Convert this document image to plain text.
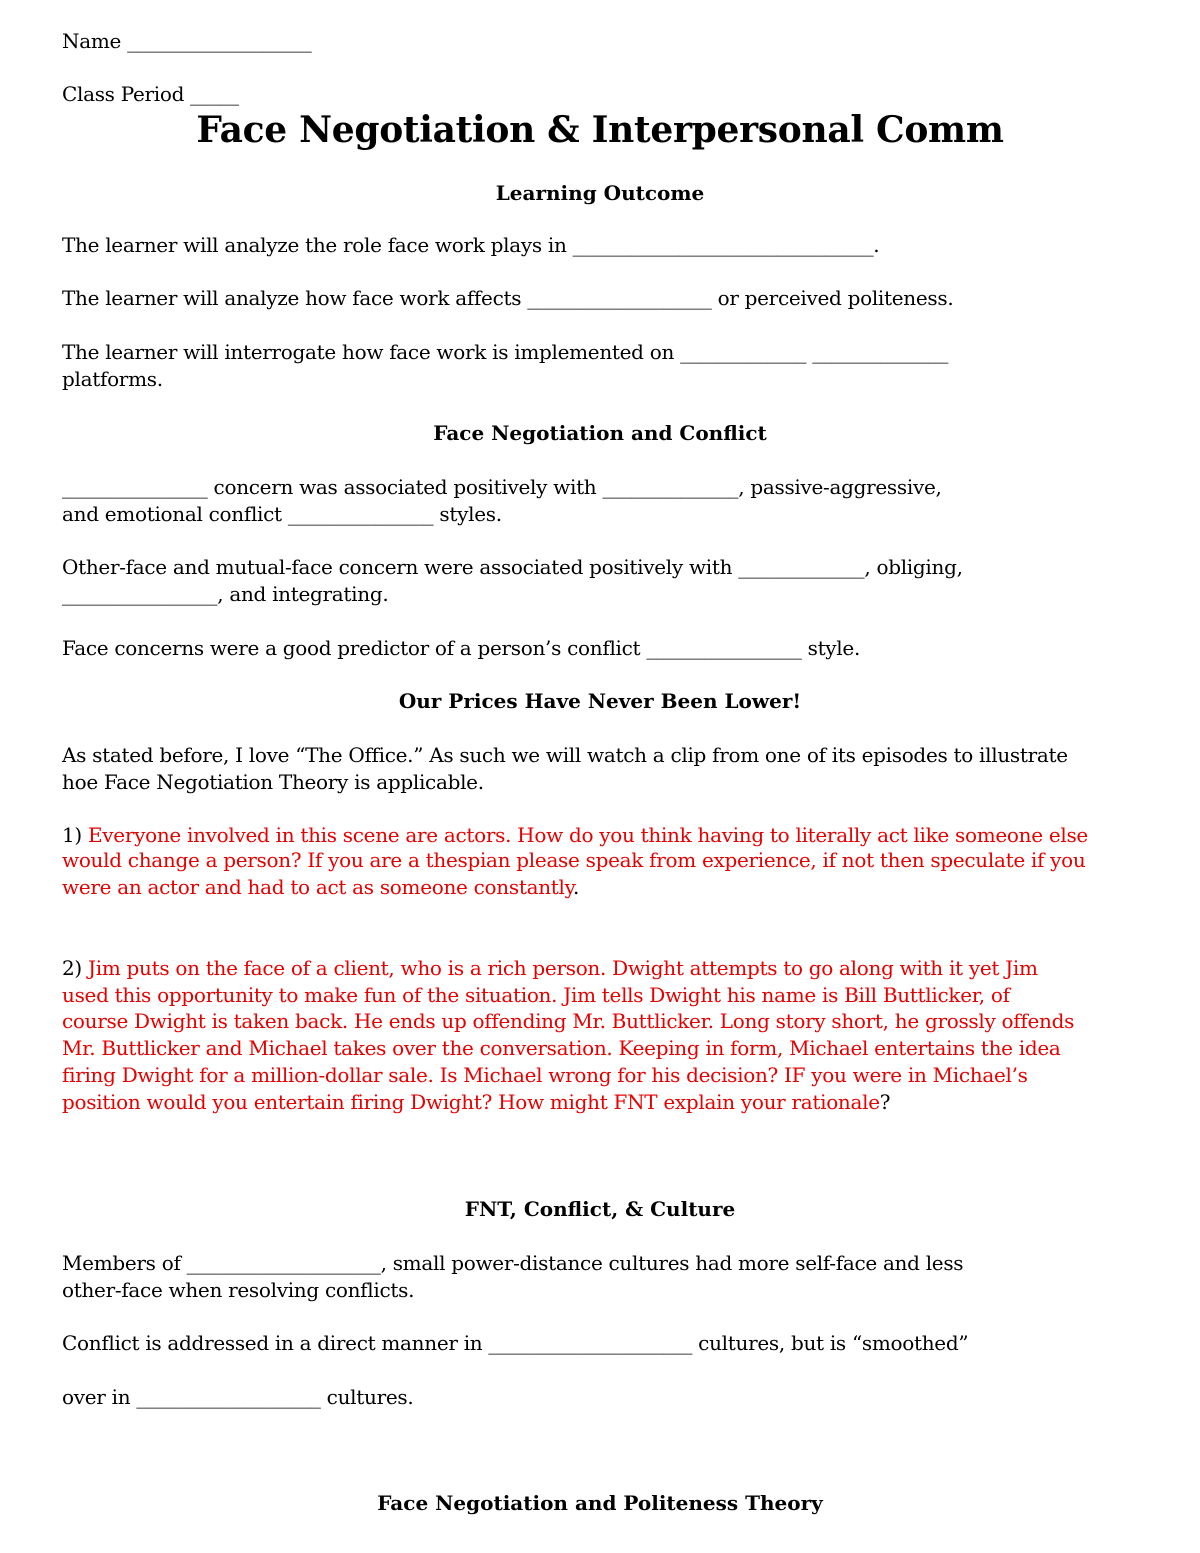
Name ___________________

Class Period _____

Face Negotiation & Interpersonal Comm
Learning Outcome

The learner will analyze the role face work plays in _______________________________.

The learner will analyze how face work affects ___________________ or perceived politeness.

The learner will interrogate how face work is implemented on _____________ ______________

platforms.

Face Negotiation and Conflict

_______________ concern was associated positively with ______________, passive-aggressive,

and emotional conflict _______________ styles.

Other-face and mutual-face concern were associated positively with _____________, obliging,

________________, and integrating.

Face concerns were a good predictor of a person’s conflict ________________ style.

Our Prices Have Never Been Lower!

As stated before, I love “The Office.” As such we will watch a clip from one of its episodes to illustrate

hoe Face Negotiation Theory is applicable.

1) Everyone involved in this scene are actors. How do you think having to literally act like someone else

would change a person? If you are a thespian please speak from experience, if not then speculate if you

were an actor and had to act as someone constantly.

2) Jim puts on the face of a client, who is a rich person. Dwight attempts to go along with it yet Jim

used this opportunity to make fun of the situation. Jim tells Dwight his name is Bill Buttlicker, of

course Dwight is taken back. He ends up offending Mr. Buttlicker. Long story short, he grossly offends

Mr. Buttlicker and Michael takes over the conversation. Keeping in form, Michael entertains the idea

firing Dwight for a million-dollar sale. Is Michael wrong for his decision? IF you were in Michael’s

position would you entertain firing Dwight? How might FNT explain your rationale?

FNT, Conflict, & Culture

Members of ____________________, small power-distance cultures had more self-face and less

other-face when resolving conflicts.

Conflict is addressed in a direct manner in _____________________ cultures, but is “smoothed”

over in ___________________ cultures.

Face Negotiation and Politeness Theory
